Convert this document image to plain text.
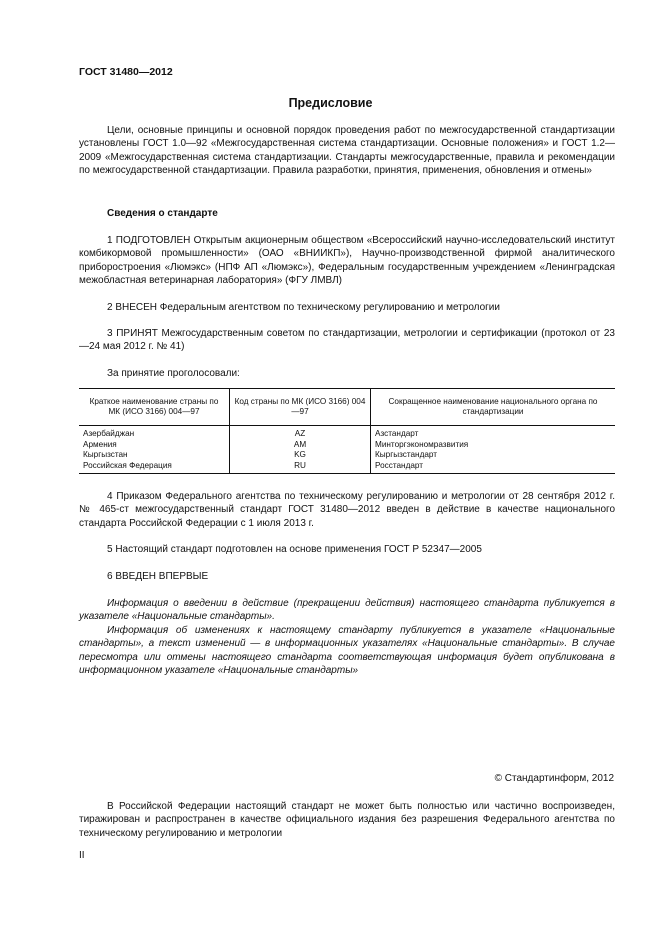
ГОСТ 31480—2012
Предисловие

Цели, основные принципы и основной порядок проведения работ по межгосударственной стандартизации установлены ГОСТ 1.0—92 «Межгосударственная система стандартизации. Основные положения» и ГОСТ 1.2—2009 «Межгосударственная система стандартизации. Стандарты межгосударственные, правила и рекомендации по межгосударственной стандартизации. Правила разработки, принятия, применения, обновления и отмены»

Сведения о стандарте

1 ПОДГОТОВЛЕН Открытым акционерным обществом «Всероссийский научно-исследовательский институт комбикормовой промышленности» (ОАО «ВНИИКП»), Научно-производственной фирмой аналитического приборостроения «Люмэкс» (НПФ АП «Люмэкс»), Федеральным государственным учреждением «Ленинградская межобластная ветеринарная лаборатория» (ФГУ ЛМВЛ)

2 ВНЕСЕН Федеральным агентством по техническому регулированию и метрологии

3 ПРИНЯТ Межгосударственным советом по стандартизации, метрологии и сертификации (протокол от 23—24 мая 2012 г. № 41)

За принятие проголосовали:

Краткое наименование страны по МК (ИСО 3166) 004—97	Код страны по МК (ИСО 3166) 004—97	Сокращенное наименование национального органа по стандартизации
Азербайджан	AZ	Азстандарт
Армения	AM	Минторгэкономразвития
Кыргызстан	KG	Кыргызстандарт
Российская Федерация	RU	Росстандарт

4 Приказом Федерального агентства по техническому регулированию и метрологии от 28 сентября 2012 г. № 465-ст межгосударственный стандарт ГОСТ 31480—2012 введен в действие в качестве национального стандарта Российской Федерации с 1 июля 2013 г.

5 Настоящий стандарт подготовлен на основе применения ГОСТ Р 52347—2005

6 ВВЕДЕН ВПЕРВЫЕ

Информация о введении в действие (прекращении действия) настоящего стандарта публикуется в указателе «Национальные стандарты».

Информация об изменениях к настоящему стандарту публикуется в указателе «Национальные стандарты», а текст изменений — в информационных указателях «Национальные стандарты». В случае пересмотра или отмены настоящего стандарта соответствующая информация будет опубликована в информационном указателе «Национальные стандарты»

© Стандартинформ, 2012

В Российской Федерации настоящий стандарт не может быть полностью или частично воспроизведен, тиражирован и распространен в качестве официального издания без разрешения Федерального агентства по техническому регулированию и метрологии

II
